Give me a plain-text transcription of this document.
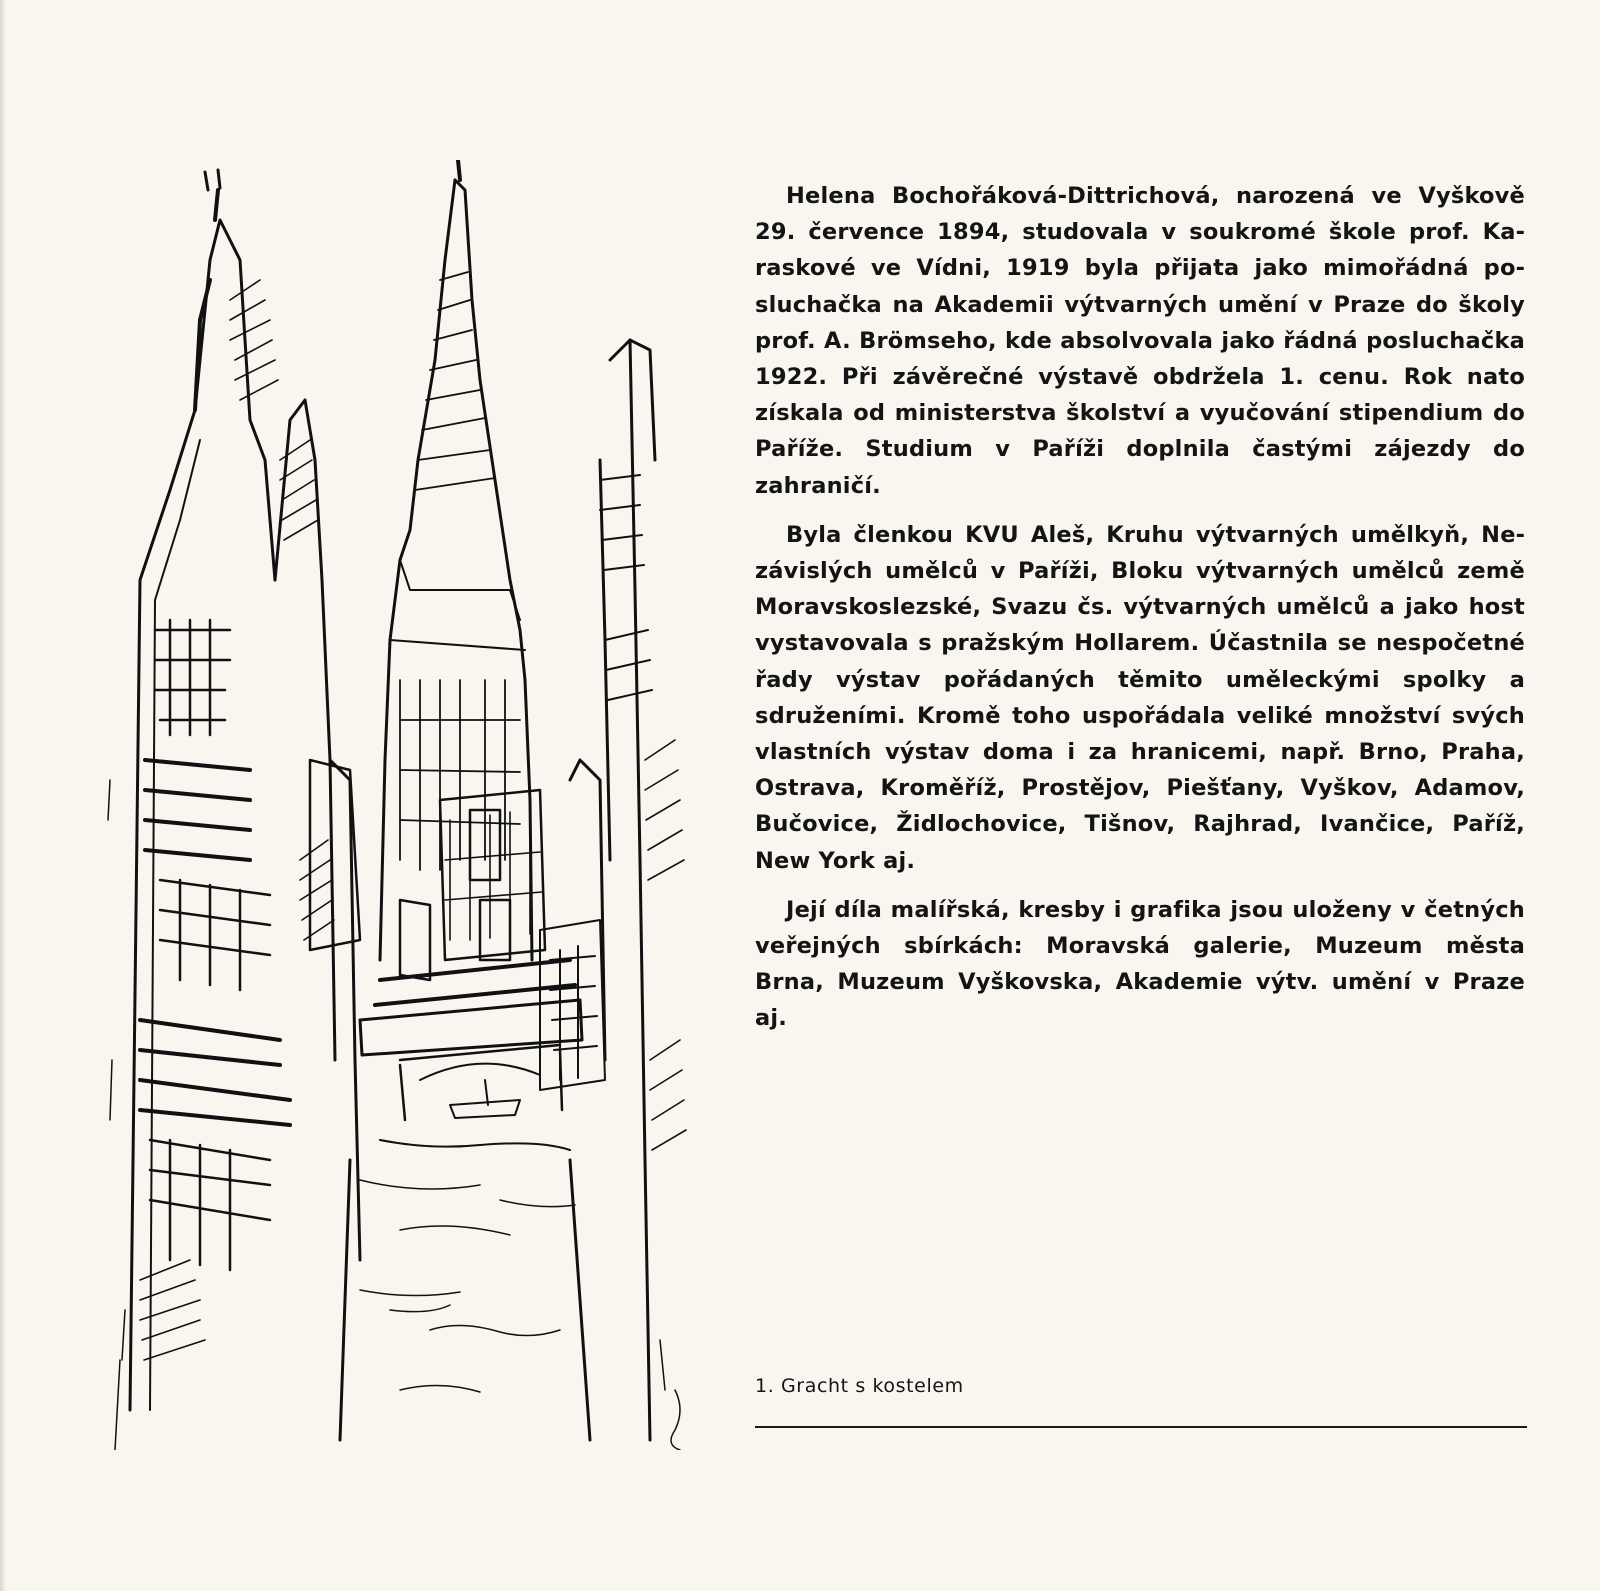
Helena Bochořáková-Dittrichová, narozená ve Vyškově 29. července 1894, studovala v soukromé škole prof. Karaskové ve Vídni, 1919 byla přijata jako mimořádná posluchačka na Akademii výtvarných umění v Praze do školy prof. A. Brömseho, kde absolvovala jako řádná posluchačka 1922. Při závěrečné výstavě obdržela 1. cenu. Rok nato získala od ministerstva školství a vyučování stipendium do Paříže. Studium v Paříži doplnila častými zájezdy do zahraničí.

Byla členkou KVU Aleš, Kruhu výtvarných umělkyň, Nezávislých umělců v Paříži, Bloku výtvarných umělců země Moravskoslezské, Svazu čs. výtvarných umělců a jako host vystavovala s pražským Hollarem. Účastnila se nespočetné řady výstav pořádaných těmito uměleckými spolky a sdruženími. Kromě toho uspořádala veliké množství svých vlastních výstav doma i za hranicemi, např. Brno, Praha, Ostrava, Kroměříž, Prostějov, Piešťany, Vyškov, Adamov, Bučovice, Židlochovice, Tišnov, Rajhrad, Ivančice, Paříž, New York aj.

Její díla malířská, kresby i grafika jsou uloženy v četných veřejných sbírkách: Moravská galerie, Muzeum města Brna, Muzeum Vyškovska, Akademie výtv. umění v Praze aj.

1. Gracht s kostelem
